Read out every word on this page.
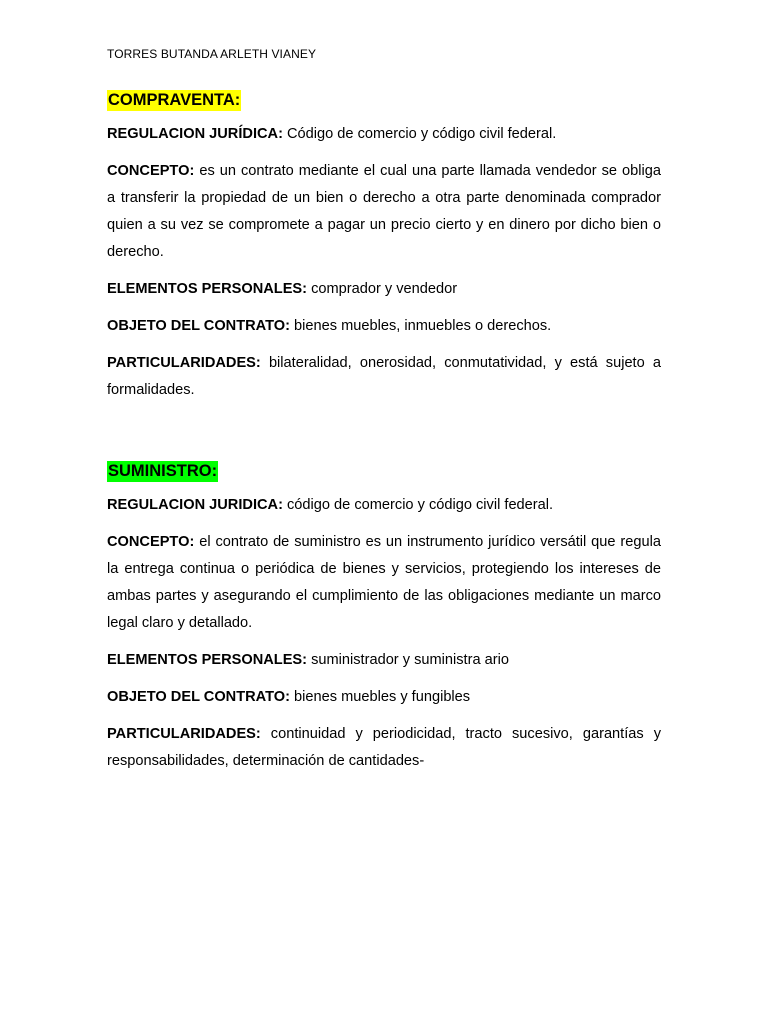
TORRES BUTANDA ARLETH VIANEY
COMPRAVENTA:

REGULACION JURÍDICA: Código de comercio y código civil federal.

CONCEPTO: es un contrato mediante el cual una parte llamada vendedor se obliga a transferir la propiedad de un bien o derecho a otra parte denominada comprador quien a su vez se compromete a pagar un precio cierto y en dinero por dicho bien o derecho.

ELEMENTOS PERSONALES: comprador y vendedor

OBJETO DEL CONTRATO: bienes muebles, inmuebles o derechos.

PARTICULARIDADES: bilateralidad, onerosidad, conmutatividad, y está sujeto a formalidades.

SUMINISTRO:

REGULACION JURIDICA: código de comercio y código civil federal.

CONCEPTO: el contrato de suministro es un instrumento jurídico versátil que regula la entrega continua o periódica de bienes y servicios, protegiendo los intereses de ambas partes y asegurando el cumplimiento de las obligaciones mediante un marco legal claro y detallado.

ELEMENTOS PERSONALES: suministrador y suministra ario

OBJETO DEL CONTRATO: bienes muebles y fungibles

PARTICULARIDADES: continuidad y periodicidad, tracto sucesivo, garantías y responsabilidades, determinación de cantidades-
